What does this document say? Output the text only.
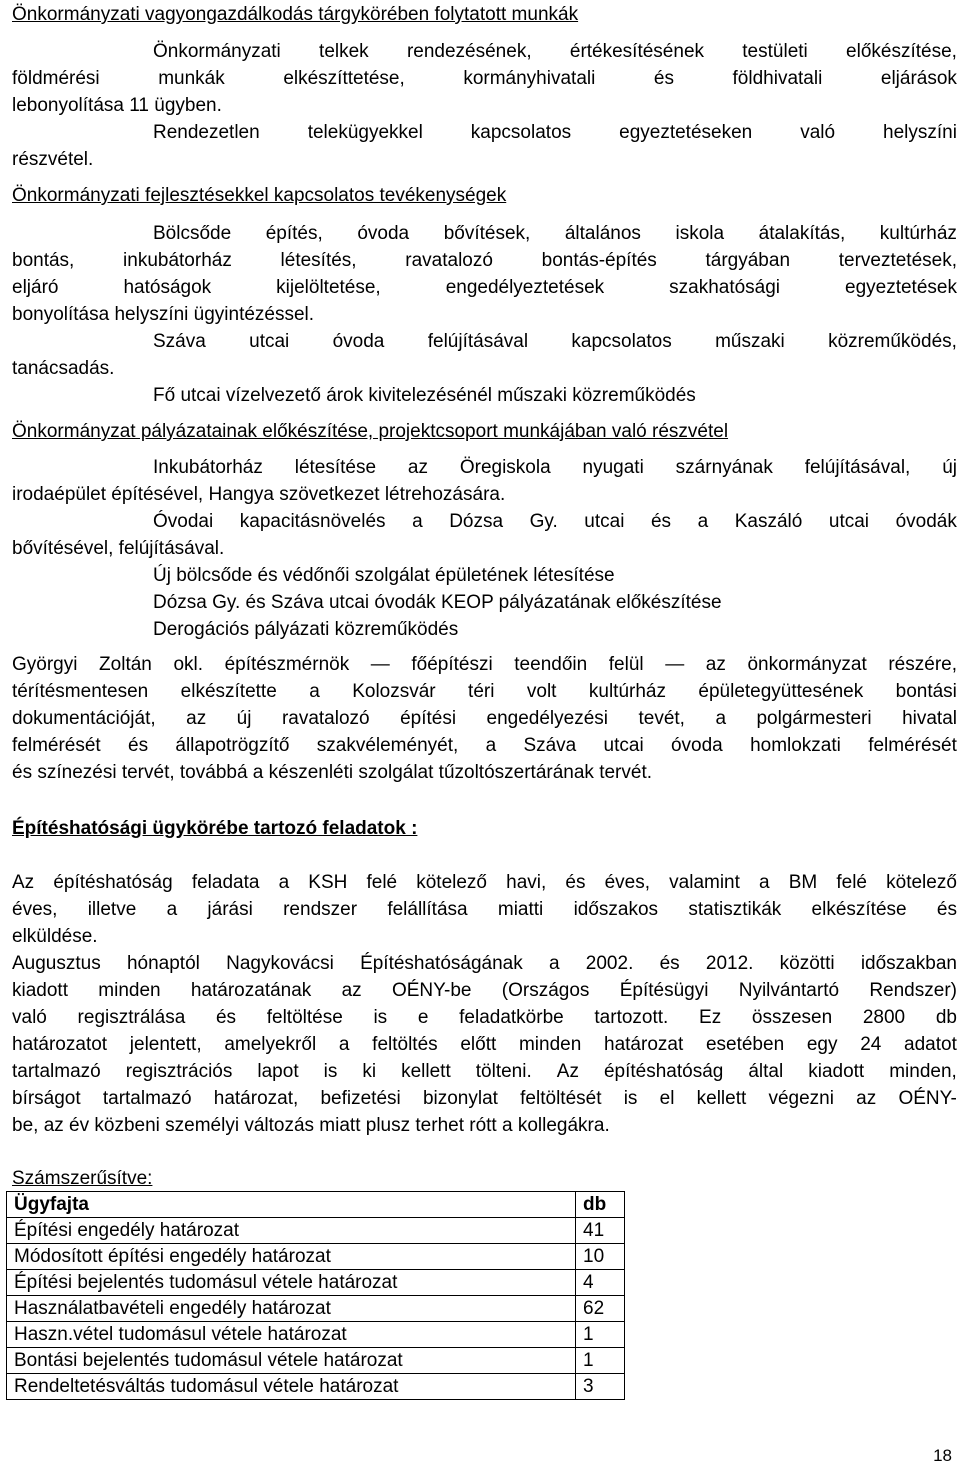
Önkormányzati vagyongazdálkodás tárgykörében folytatott munkák
Önkormányzati telkek rendezésének, értékesítésének testületi előkészítése,
földmérési	munkák	elkészíttetése,	kormányhivatali	és	földhivatali	eljárások
lebonyolítása 11 ügyben.
Rendezetlen	telekügyekkel	kapcsolatos	egyeztetéseken	való	helyszíni
részvétel.
Önkormányzati fejlesztésekkel kapcsolatos tevékenységek
Bölcsőde építés, óvoda bővítések, általános iskola átalakítás, kultúrház
bontás,	inkubátorház	létesítés,	ravatalozó	bontás-építés	tárgyában	terveztetések,
eljáró	hatóságok	kijelöltetése,	engedélyeztetések	szakhatósági	egyeztetések
bonyolítása helyszíni ügyintézéssel.
Száva utcai óvoda felújításával kapcsolatos műszaki közreműködés,
tanácsadás.
Fő utcai vízelvezető árok kivitelezésénél műszaki közreműködés
Önkormányzat pályázatainak előkészítése, projektcsoport munkájában való részvétel
Inkubátorház létesítése az Öregiskola nyugati szárnyának felújításával, új
irodaépület építésével, Hangya szövetkezet létrehozására.
Óvodai kapacitásnövelés a Dózsa Gy. utcai és a Kaszáló utcai óvodák
bővítésével, felújításával.
Új bölcsőde és védőnői szolgálat épületének létesítése
Dózsa Gy. és Száva utcai óvodák KEOP pályázatának előkészítése
Derogációs pályázati közreműködés
Györgyi Zoltán okl. építészmérnök — főépítészi teendőin felül — az önkormányzat részére,
térítésmentesen elkészítette a Kolozsvár téri volt kultúrház épületegyüttesének bontási
dokumentációját, az új ravatalozó építési engedélyezési tevét, a polgármesteri hivatal
felmérését és állapotrögzítő szakvéleményét, a Száva utcai óvoda homlokzati felmérését
és színezési tervét, továbbá a készenléti szolgálat tűzoltószertárának tervét.
Építéshatósági ügykörébe tartozó feladatok :
Az építéshatóság feladata a KSH felé kötelező havi, és éves, valamint a BM felé kötelező
éves, illetve a járási rendszer felállítása miatti időszakos statisztikák elkészítése és
elküldése.
Augusztus hónaptól Nagykovácsi Építéshatóságának a 2002. és 2012. közötti időszakban
kiadott minden határozatának az OÉNY-be (Országos Építésügyi Nyilvántartó Rendszer)
való regisztrálása és feltöltése is e feladatkörbe tartozott. Ez összesen 2800 db
határozatot jelentett, amelyekről a feltöltés előtt minden határozat esetében egy 24 adatot
tartalmazó regisztrációs lapot is ki kellett tölteni. Az építéshatóság által kiadott minden,
bírságot tartalmazó határozat, befizetési bizonylat feltöltését is el kellett végezni az OÉNY-
be, az év közbeni személyi változás miatt plusz terhet rótt a kollegákra.
Számszerűsítve:
Ügyfajta	db
Építési engedély határozat	41
Módosított építési engedély határozat	10
Építési bejelentés tudomásul vétele határozat	4
Használatbavételi engedély határozat	62
Haszn.vétel tudomásul vétele határozat	1
Bontási bejelentés tudomásul vétele határozat	1
Rendeltetésváltás tudomásul vétele határozat	3
18
